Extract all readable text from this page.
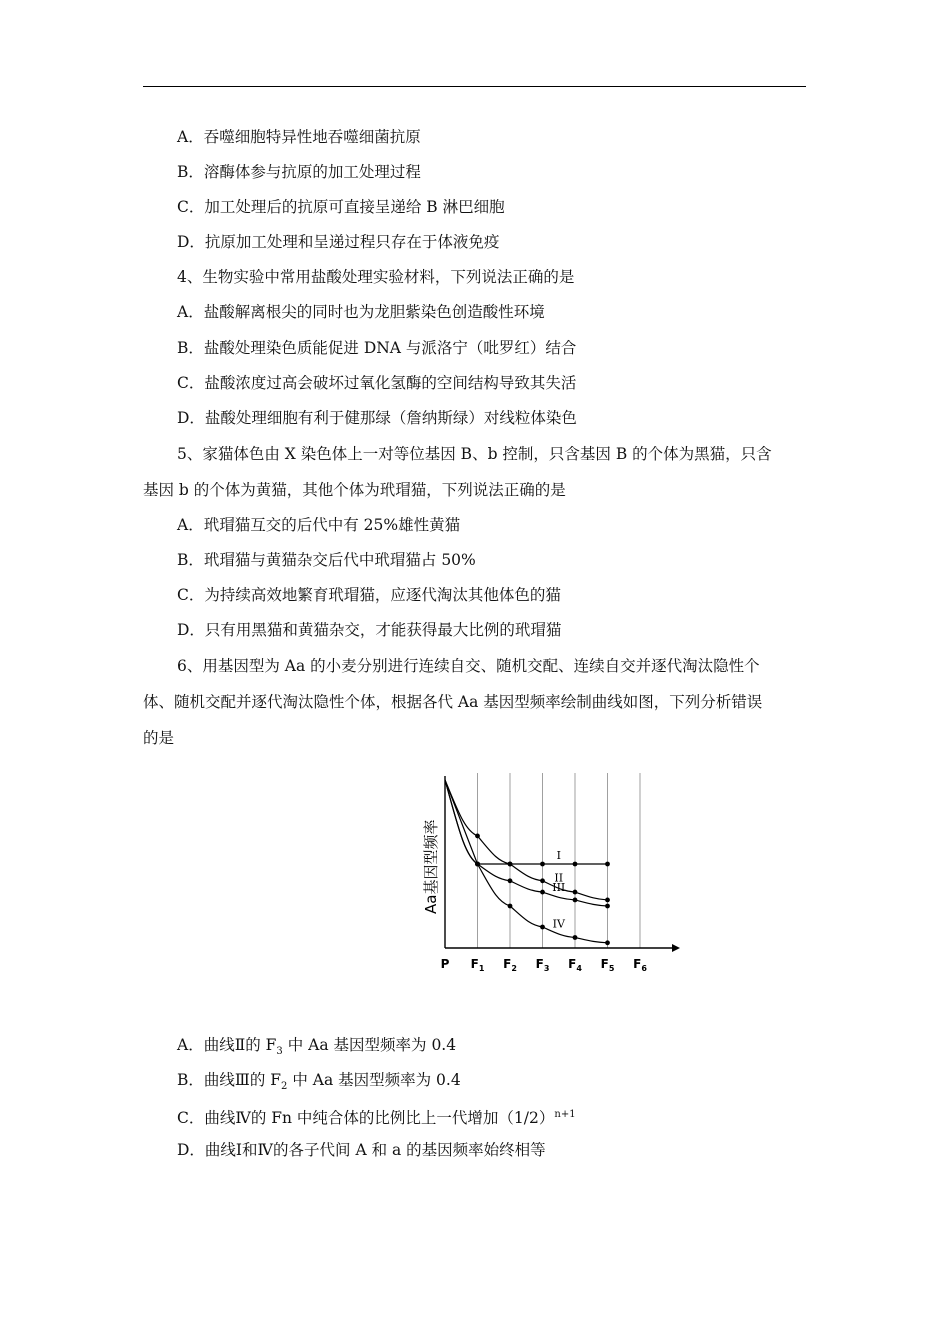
A．吞噬细胞特异性地吞噬细菌抗原
B．溶酶体参与抗原的加工处理过程
C．加工处理后的抗原可直接呈递给 B 淋巴细胞
D．抗原加工处理和呈递过程只存在于体液免疫
4、生物实验中常用盐酸处理实验材料，下列说法正确的是
A．盐酸解离根尖的同时也为龙胆紫染色创造酸性环境
B．盐酸处理染色质能促进 DNA 与派洛宁（吡罗红）结合
C．盐酸浓度过高会破坏过氧化氢酶的空间结构导致其失活
D．盐酸处理细胞有利于健那绿（詹纳斯绿）对线粒体染色
5、家猫体色由 X 染色体上一对等位基因 B、b 控制，只含基因 B 的个体为黑猫，只含
基因 b 的个体为黄猫，其他个体为玳瑁猫，下列说法正确的是
A．玳瑁猫互交的后代中有 25%雄性黄猫
B．玳瑁猫与黄猫杂交后代中玳瑁猫占 50%
C．为持续高效地繁育玳瑁猫，应逐代淘汰其他体色的猫
D．只有用黑猫和黄猫杂交，才能获得最大比例的玳瑁猫
6、用基因型为 Aa 的小麦分别进行连续自交、随机交配、连续自交并逐代淘汰隐性个
体、随机交配并逐代淘汰隐性个体，根据各代 Aa 基因型频率绘制曲线如图，下列分析错误
的是
Aa基因型频率	I
II
III
IV
P $F_1$ $F_2$ $F_3$ $F_4$ $F_5$ $F_6$
A．曲线Ⅱ的 $F_3$ 中 Aa 基因型频率为 0.4
B．曲线Ⅲ的 $F_2$ 中 Aa 基因型频率为 0.4
C．曲线Ⅳ的 Fn 中纯合体的比例比上一代增加$(1/2)^{n+1}$
D．曲线Ⅰ和Ⅳ的各子代间 A 和 a 的基因频率始终相等
